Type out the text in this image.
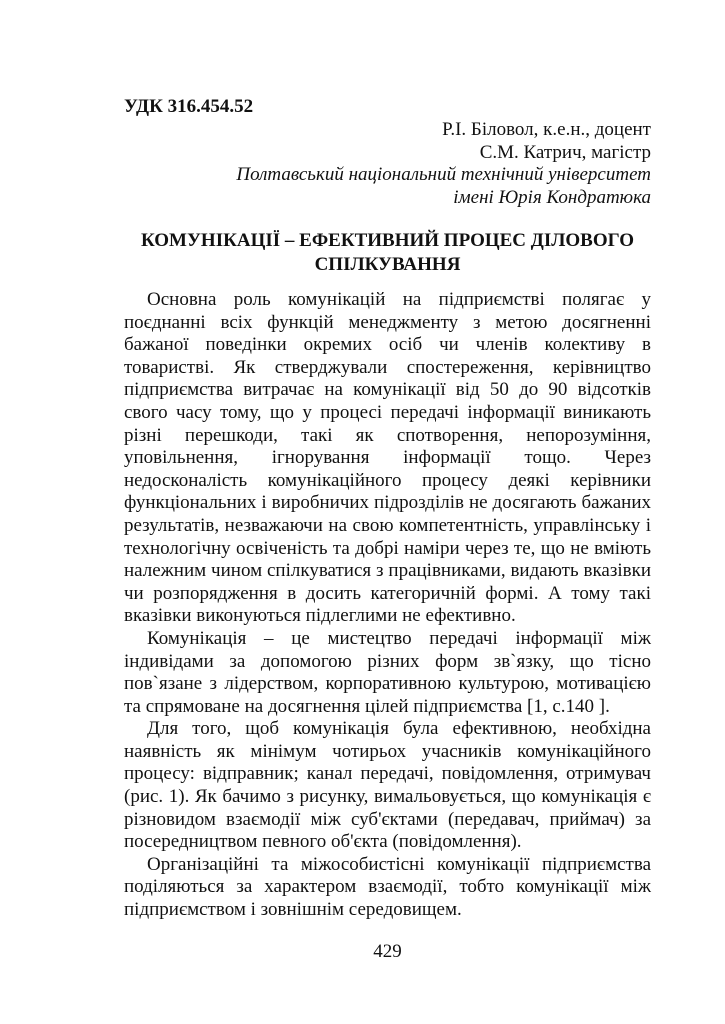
УДК 316.454.52
Р.І. Біловол, к.е.н., доцент
С.М. Катрич, магістр
Полтавський національний технічний університет
імені Юрія Кондратюка
КОМУНІКАЦІЇ – ЕФЕКТИВНИЙ ПРОЦЕС ДІЛОВОГО СПІЛКУВАННЯ

Основна роль комунікацій на підприємстві полягає у поєднанні всіх функцій менеджменту з метою досягненні бажаної поведінки окремих осіб чи членів колективу в товаристві. Як стверджували спостереження, керівництво підприємства витрачає на комунікації від 50 до 90 відсотків свого часу тому, що у процесі передачі інформації виникають різні перешкоди, такі як спотворення, непорозуміння, уповільнення, ігнорування інформації тощо. Через недосконалість комунікаційного процесу деякі керівники функціональних і виробничих підрозділів не досягають бажаних результатів, незважаючи на свою компетентність, управлінську і технологічну освіченість та добрі наміри через те, що не вміють належним чином спілкуватися з працівниками, видають вказівки чи розпорядження в досить категоричній формі. А тому такі вказівки виконуються підлеглими не ефективно.

Комунікація – це мистецтво передачі інформації між індивідами за допомогою різних форм зв`язку, що тісно пов`язане з лідерством, корпоративною культурою, мотивацією та спрямоване на досягнення цілей підприємства [1, с.140 ].

Для того, щоб комунікація була ефективною, необхідна наявність як мінімум чотирьох учасників комунікаційного процесу: відправник; канал передачі, повідомлення, отримувач (рис. 1). Як бачимо з рисунку, вимальовується, що комунікація є різновидом взаємодії між суб'єктами (передавач, приймач) за посередництвом певного об'єкта (повідомлення).

Організаційні та міжособистісні комунікації підприємства поділяються за характером взаємодії, тобто комунікації між підприємством і зовнішнім середовищем.

429
